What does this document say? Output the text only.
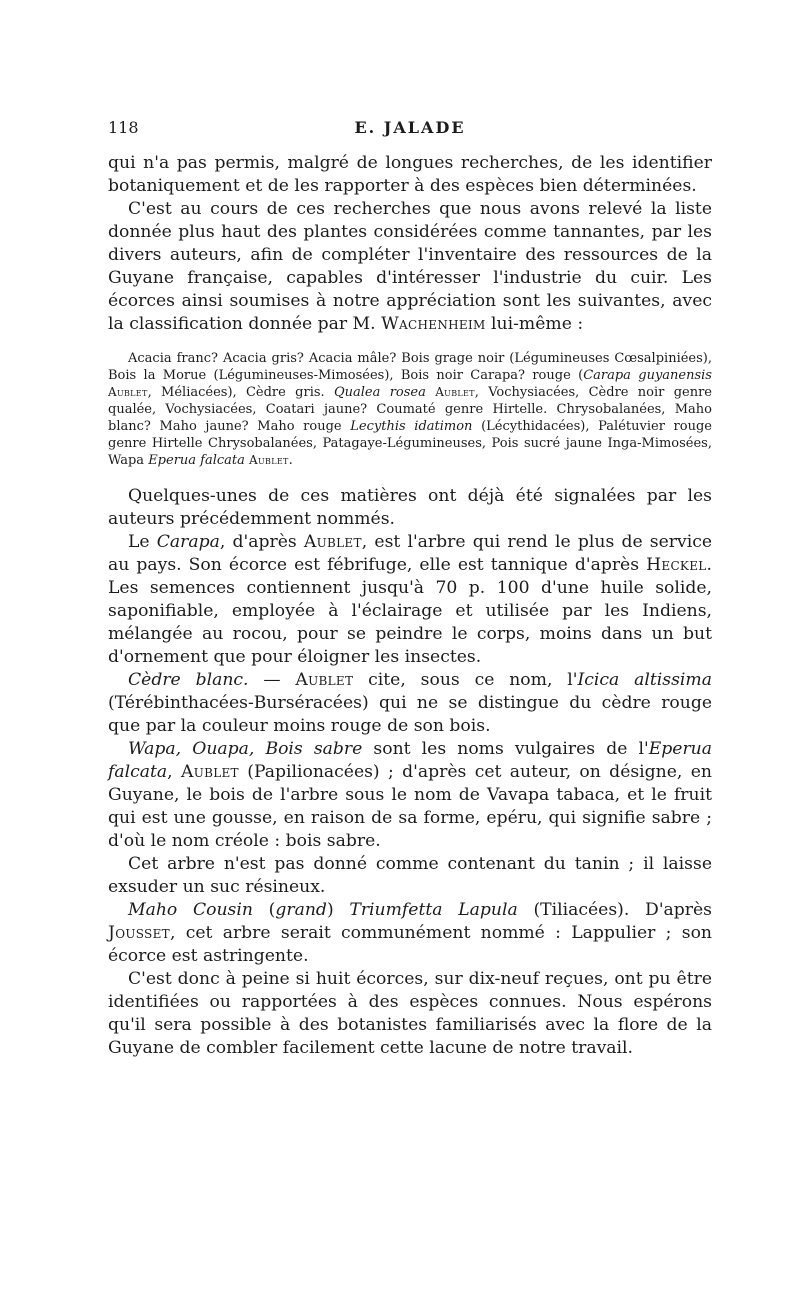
118	E. JALADE

qui n'a pas permis, malgré de longues recherches, de les identifier botaniquement et de les rapporter à des espèces bien déterminées.

C'est au cours de ces recherches que nous avons relevé la liste donnée plus haut des plantes considérées comme tannantes, par les divers auteurs, afin de compléter l'inventaire des ressources de la Guyane française, capables d'intéresser l'industrie du cuir. Les écorces ainsi soumises à notre appréciation sont les suivantes, avec la classification donnée par M. Wachenheim lui-même :

Acacia franc? Acacia gris? Acacia mâle? Bois grage noir (Légumineuses Cœsalpiniées), Bois la Morue (Légumineuses-Mimosées), Bois noir Carapa? rouge (Carapa guyanensis Aublet, Méliacées), Cèdre gris. Qualea rosea Aublet, Vochysiacées, Cèdre noir genre qualée, Vochysiacées, Coatari jaune? Coumaté genre Hirtelle. Chrysobalanées, Maho blanc? Maho jaune? Maho rouge Lecythis idatimon (Lécythidacées), Palétuvier rouge genre Hirtelle Chrysobalanées, Patagaye-Légumineuses, Pois sucré jaune Inga-Mimosées, Wapa Eperua falcata Aublet.

Quelques-unes de ces matières ont déjà été signalées par les auteurs précédemment nommés.

Le Carapa, d'après Aublet, est l'arbre qui rend le plus de service au pays. Son écorce est fébrifuge, elle est tannique d'après Heckel. Les semences contiennent jusqu'à 70 p. 100 d'une huile solide, saponifiable, employée à l'éclairage et utilisée par les Indiens, mélangée au rocou, pour se peindre le corps, moins dans un but d'ornement que pour éloigner les insectes.

Cèdre blanc. — Aublet cite, sous ce nom, l'Icica altissima (Térébinthacées-Burséracées) qui ne se distingue du cèdre rouge que par la couleur moins rouge de son bois.

Wapa, Ouapa, Bois sabre sont les noms vulgaires de l'Eperua falcata, Aublet (Papilionacées) ; d'après cet auteur, on désigne, en Guyane, le bois de l'arbre sous le nom de Vavapa tabaca, et le fruit qui est une gousse, en raison de sa forme, epéru, qui signifie sabre ; d'où le nom créole : bois sabre.

Cet arbre n'est pas donné comme contenant du tanin ; il laisse exsuder un suc résineux.

Maho Cousin (grand) Triumfetta Lapula (Tiliacées). D'après Jousset, cet arbre serait communément nommé : Lappulier ; son écorce est astringente.

C'est donc à peine si huit écorces, sur dix-neuf reçues, ont pu être identifiées ou rapportées à des espèces connues. Nous espérons qu'il sera possible à des botanistes familiarisés avec la flore de la Guyane de combler facilement cette lacune de notre travail.
